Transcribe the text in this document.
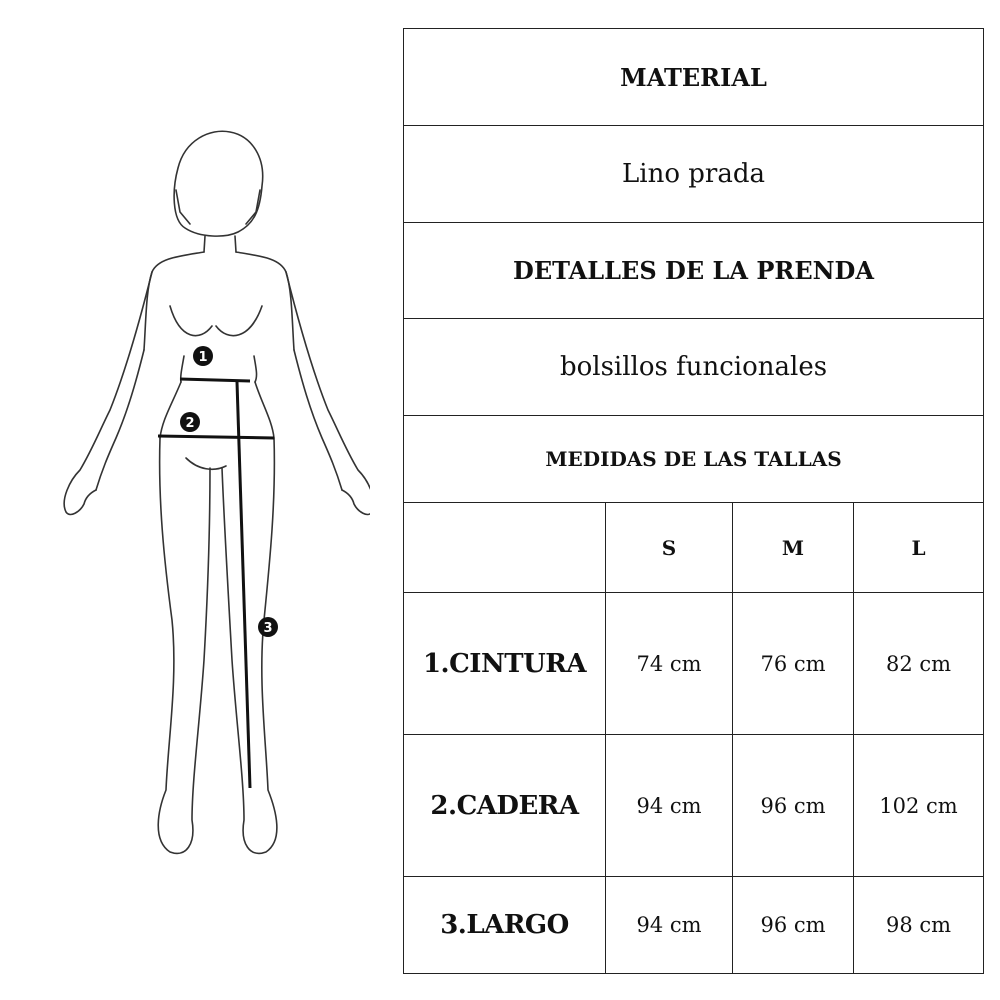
1
2
3
MATERIAL			
Lino prada			
DETALLES DE LA PRENDA			
bolsillos funcionales			
MEDIDAS DE LAS TALLAS			
	S	M	L
1.CINTURA	74 cm	76 cm	82 cm
2.CADERA	94 cm	96 cm	102 cm
3.LARGO	94 cm	96 cm	98 cm
